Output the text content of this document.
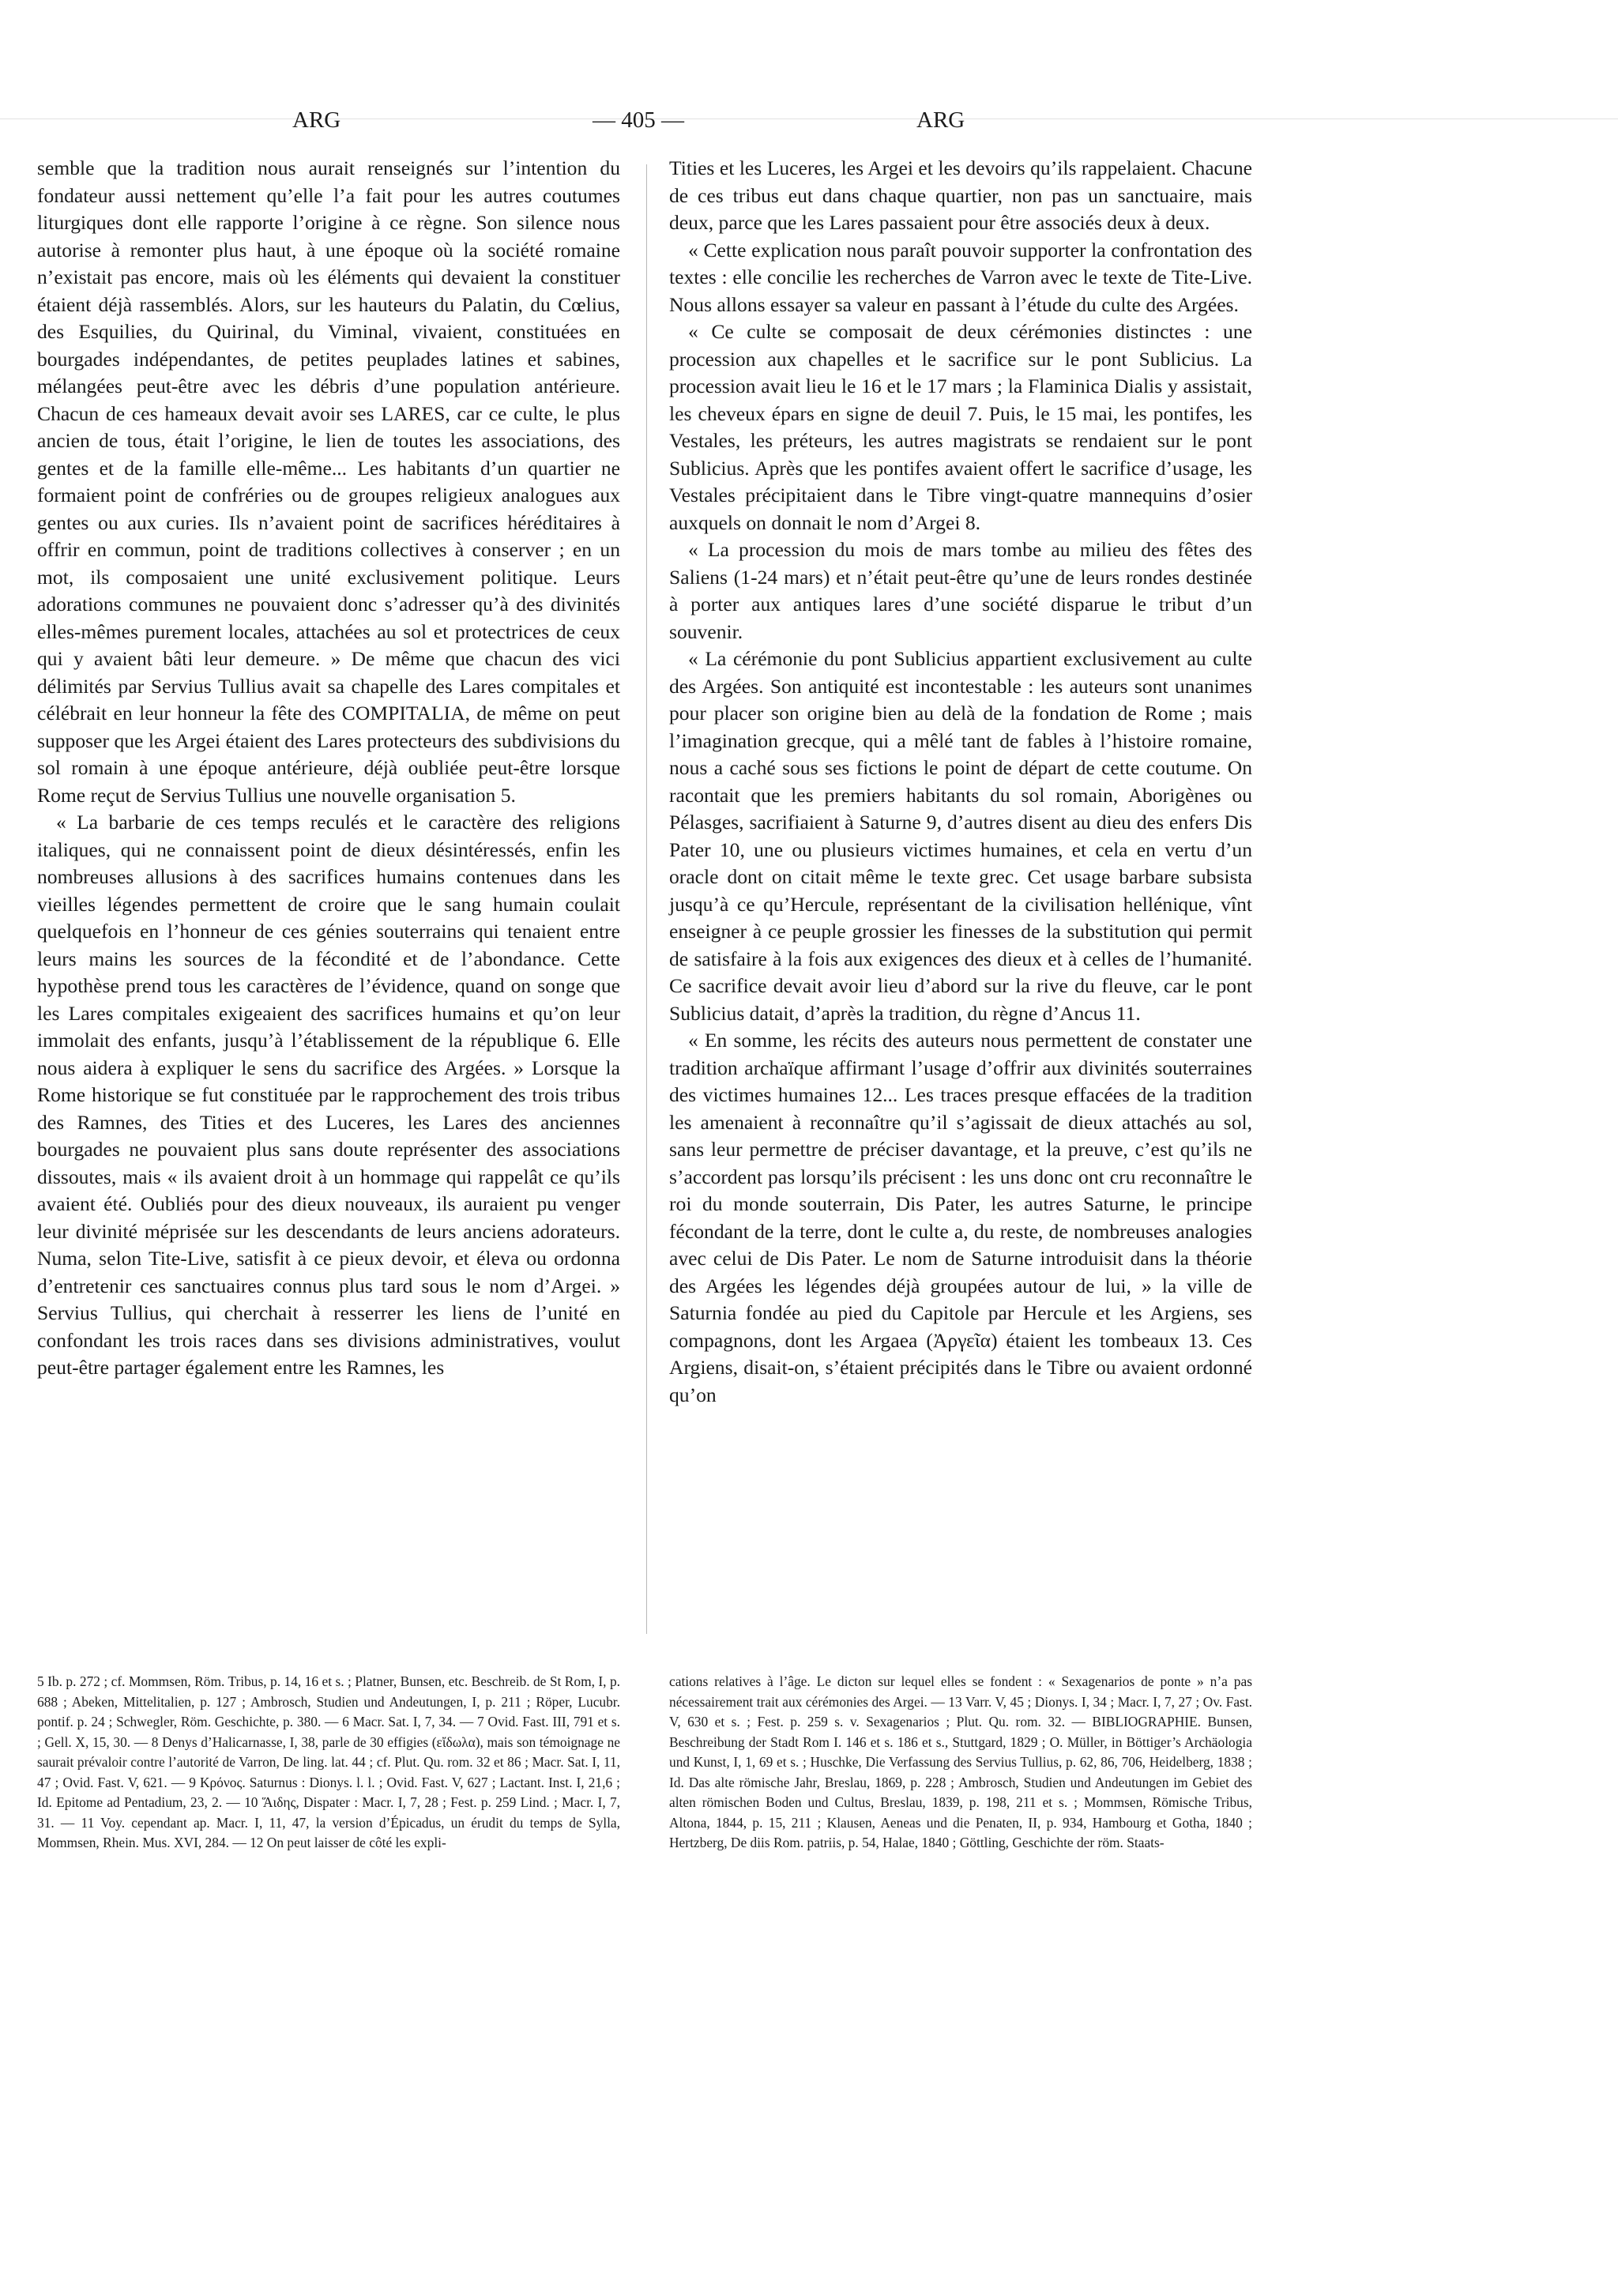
ARG	— 405 —	ARG

semble que la tradition nous aurait renseignés sur l’intention du fondateur aussi nettement qu’elle l’a fait pour les autres coutumes liturgiques dont elle rapporte l’origine à ce règne. Son silence nous autorise à remonter plus haut, à une époque où la société romaine n’existait pas encore, mais où les éléments qui devaient la constituer étaient déjà rassemblés. Alors, sur les hauteurs du Palatin, du Cœlius, des Esquilies, du Quirinal, du Viminal, vivaient, constituées en bourgades indépendantes, de petites peuplades latines et sabines, mélangées peut-être avec les débris d’une population antérieure. Chacun de ces hameaux devait avoir ses LARES, car ce culte, le plus ancien de tous, était l’origine, le lien de toutes les associations, des gentes et de la famille elle-même... Les habitants d’un quartier ne formaient point de confréries ou de groupes religieux analogues aux gentes ou aux curies. Ils n’avaient point de sacrifices héréditaires à offrir en commun, point de traditions collectives à conserver ; en un mot, ils composaient une unité exclusivement politique. Leurs adorations communes ne pouvaient donc s’adresser qu’à des divinités elles-mêmes purement locales, attachées au sol et protectrices de ceux qui y avaient bâti leur demeure. » De même que chacun des vici délimités par Servius Tullius avait sa chapelle des Lares compitales et célébrait en leur honneur la fête des COMPITALIA, de même on peut supposer que les Argei étaient des Lares protecteurs des subdivisions du sol romain à une époque antérieure, déjà oubliée peut-être lorsque Rome reçut de Servius Tullius une nouvelle organisation 5.

« La barbarie de ces temps reculés et le caractère des religions italiques, qui ne connaissent point de dieux désintéressés, enfin les nombreuses allusions à des sacrifices humains contenues dans les vieilles légendes permettent de croire que le sang humain coulait quelquefois en l’honneur de ces génies souterrains qui tenaient entre leurs mains les sources de la fécondité et de l’abondance. Cette hypothèse prend tous les caractères de l’évidence, quand on songe que les Lares compitales exigeaient des sacrifices humains et qu’on leur immolait des enfants, jusqu’à l’établissement de la république 6. Elle nous aidera à expliquer le sens du sacrifice des Argées. » Lorsque la Rome historique se fut constituée par le rapprochement des trois tribus des Ramnes, des Tities et des Luceres, les Lares des anciennes bourgades ne pouvaient plus sans doute représenter des associations dissoutes, mais « ils avaient droit à un hommage qui rappelât ce qu’ils avaient été. Oubliés pour des dieux nouveaux, ils auraient pu venger leur divinité méprisée sur les descendants de leurs anciens adorateurs. Numa, selon Tite-Live, satisfit à ce pieux devoir, et éleva ou ordonna d’entretenir ces sanctuaires connus plus tard sous le nom d’Argei. » Servius Tullius, qui cherchait à resserrer les liens de l’unité en confondant les trois races dans ses divisions administratives, voulut peut-être partager également entre les Ramnes, les

Tities et les Luceres, les Argei et les devoirs qu’ils rappelaient. Chacune de ces tribus eut dans chaque quartier, non pas un sanctuaire, mais deux, parce que les Lares passaient pour être associés deux à deux.

« Cette explication nous paraît pouvoir supporter la confrontation des textes : elle concilie les recherches de Varron avec le texte de Tite-Live. Nous allons essayer sa valeur en passant à l’étude du culte des Argées.

« Ce culte se composait de deux cérémonies distinctes : une procession aux chapelles et le sacrifice sur le pont Sublicius. La procession avait lieu le 16 et le 17 mars ; la Flaminica Dialis y assistait, les cheveux épars en signe de deuil 7. Puis, le 15 mai, les pontifes, les Vestales, les préteurs, les autres magistrats se rendaient sur le pont Sublicius. Après que les pontifes avaient offert le sacrifice d’usage, les Vestales précipitaient dans le Tibre vingt-quatre mannequins d’osier auxquels on donnait le nom d’Argei 8.

« La procession du mois de mars tombe au milieu des fêtes des Saliens (1-24 mars) et n’était peut-être qu’une de leurs rondes destinée à porter aux antiques lares d’une société disparue le tribut d’un souvenir.

« La cérémonie du pont Sublicius appartient exclusivement au culte des Argées. Son antiquité est incontestable : les auteurs sont unanimes pour placer son origine bien au delà de la fondation de Rome ; mais l’imagination grecque, qui a mêlé tant de fables à l’histoire romaine, nous a caché sous ses fictions le point de départ de cette coutume. On racontait que les premiers habitants du sol romain, Aborigènes ou Pélasges, sacrifiaient à Saturne 9, d’autres disent au dieu des enfers Dis Pater 10, une ou plusieurs victimes humaines, et cela en vertu d’un oracle dont on citait même le texte grec. Cet usage barbare subsista jusqu’à ce qu’Hercule, représentant de la civilisation hellénique, vînt enseigner à ce peuple grossier les finesses de la substitution qui permit de satisfaire à la fois aux exigences des dieux et à celles de l’humanité. Ce sacrifice devait avoir lieu d’abord sur la rive du fleuve, car le pont Sublicius datait, d’après la tradition, du règne d’Ancus 11.

« En somme, les récits des auteurs nous permettent de constater une tradition archaïque affirmant l’usage d’offrir aux divinités souterraines des victimes humaines 12... Les traces presque effacées de la tradition les amenaient à reconnaître qu’il s’agissait de dieux attachés au sol, sans leur permettre de préciser davantage, et la preuve, c’est qu’ils ne s’accordent pas lorsqu’ils précisent : les uns donc ont cru reconnaître le roi du monde souterrain, Dis Pater, les autres Saturne, le principe fécondant de la terre, dont le culte a, du reste, de nombreuses analogies avec celui de Dis Pater. Le nom de Saturne introduisit dans la théorie des Argées les légendes déjà groupées autour de lui, » la ville de Saturnia fondée au pied du Capitole par Hercule et les Argiens, ses compagnons, dont les Argaea (Ἀργεῖα) étaient les tombeaux 13. Ces Argiens, disait-on, s’étaient précipités dans le Tibre ou avaient ordonné qu’on

5 Ib. p. 272 ; cf. Mommsen, Röm. Tribus, p. 14, 16 et s. ; Platner, Bunsen, etc. Beschreib. de St Rom, I, p. 688 ; Abeken, Mittelitalien, p. 127 ; Ambrosch, Studien und Andeutungen, I, p. 211 ; Röper, Lucubr. pontif. p. 24 ; Schwegler, Röm. Geschichte, p. 380. — 6 Macr. Sat. I, 7, 34. — 7 Ovid. Fast. III, 791 et s. ; Gell. X, 15, 30. — 8 Denys d’Halicarnasse, I, 38, parle de 30 effigies (εἴδωλα), mais son témoignage ne saurait prévaloir contre l’autorité de Varron, De ling. lat. 44 ; cf. Plut. Qu. rom. 32 et 86 ; Macr. Sat. I, 11, 47 ; Ovid. Fast. V, 621. — 9 Κρόνος. Saturnus : Dionys. l. l. ; Ovid. Fast. V, 627 ; Lactant. Inst. I, 21,6 ; Id. Epitome ad Pentadium, 23, 2. — 10 Ἅιδης, Dispater : Macr. I, 7, 28 ; Fest. p. 259 Lind. ; Macr. I, 7, 31. — 11 Voy. cependant ap. Macr. I, 11, 47, la version d’Épicadus, un érudit du temps de Sylla, Mommsen, Rhein. Mus. XVI, 284. — 12 On peut laisser de côté les expli-

cations relatives à l’âge. Le dicton sur lequel elles se fondent : « Sexagenarios de ponte » n’a pas nécessairement trait aux cérémonies des Argei. — 13 Varr. V, 45 ; Dionys. I, 34 ; Macr. I, 7, 27 ; Ov. Fast. V, 630 et s. ; Fest. p. 259 s. v. Sexagenarios ; Plut. Qu. rom. 32. — BIBLIOGRAPHIE. Bunsen, Beschreibung der Stadt Rom I. 146 et s. 186 et s., Stuttgard, 1829 ; O. Müller, in Böttiger’s Archäologia und Kunst, I, 1, 69 et s. ; Huschke, Die Verfassung des Servius Tullius, p. 62, 86, 706, Heidelberg, 1838 ; Id. Das alte römische Jahr, Breslau, 1869, p. 228 ; Ambrosch, Studien und Andeutungen im Gebiet des alten römischen Boden und Cultus, Breslau, 1839, p. 198, 211 et s. ; Mommsen, Römische Tribus, Altona, 1844, p. 15, 211 ; Klausen, Aeneas und die Penaten, II, p. 934, Hambourg et Gotha, 1840 ; Hertzberg, De diis Rom. patriis, p. 54, Halae, 1840 ; Göttling, Geschichte der röm. Staats-
